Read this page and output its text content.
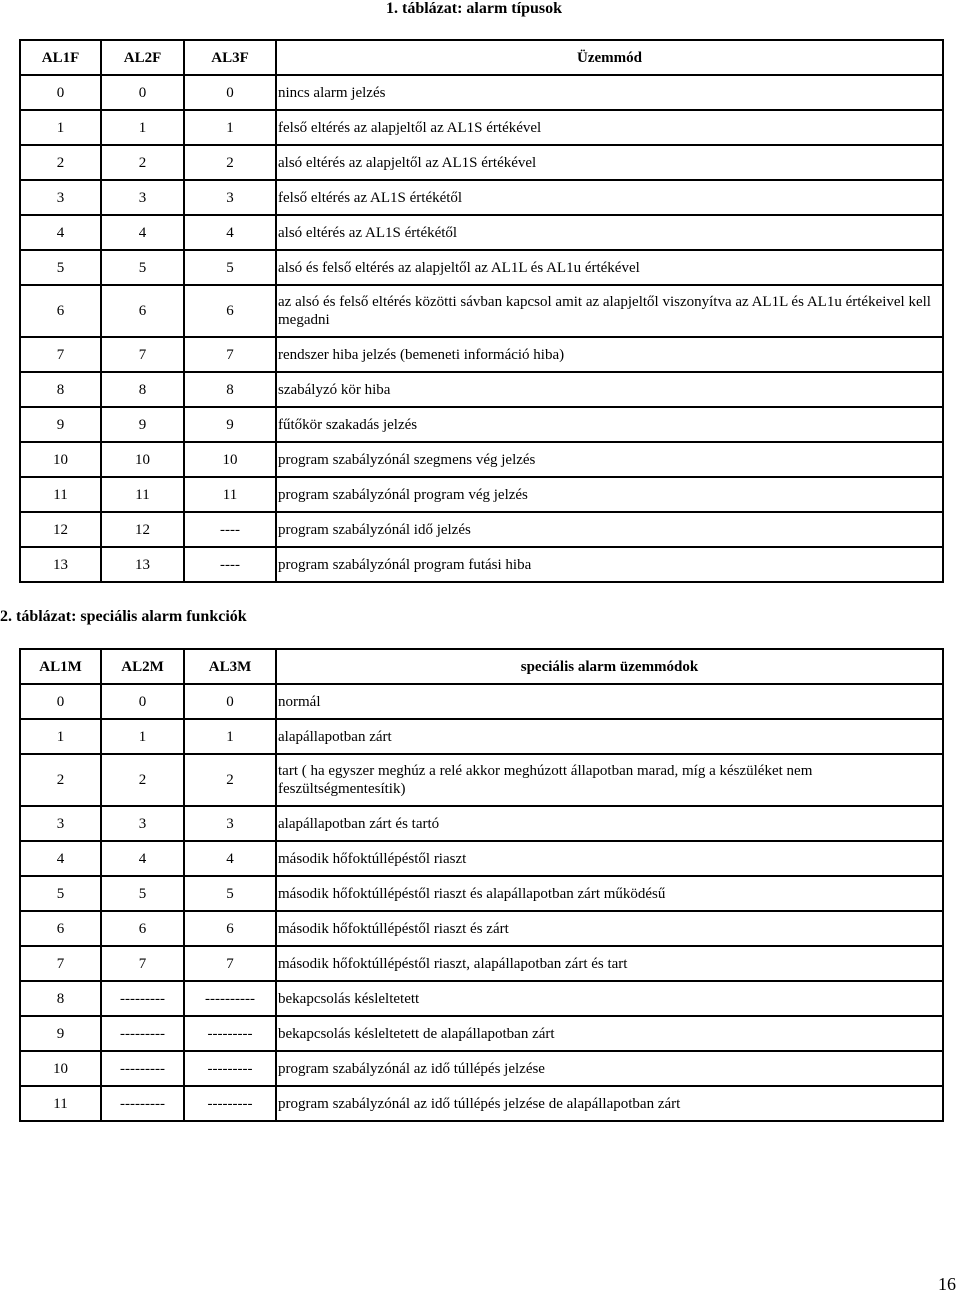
1. táblázat: alarm típusok
AL1F	AL2F	AL3F	Üzemmód
0	0	0	nincs alarm jelzés
1	1	1	felső eltérés az alapjeltől az AL1S értékével
2	2	2	alsó eltérés az alapjeltől az AL1S értékével
3	3	3	felső eltérés az AL1S értékétől
4	4	4	alsó eltérés az AL1S értékétől
5	5	5	alsó és felső eltérés az alapjeltől az AL1L és AL1u értékével
6	6	6	az alsó és felső eltérés közötti sávban kapcsol amit az alapjeltől viszonyítva az AL1L és AL1u értékeivel kell megadni
7	7	7	rendszer hiba jelzés (bemeneti információ hiba)
8	8	8	szabályzó kör hiba
9	9	9	fűtőkör szakadás jelzés
10	10	10	program szabályzónál szegmens vég jelzés
11	11	11	program szabályzónál program vég jelzés
12	12	----	program szabályzónál idő jelzés
13	13	----	program szabályzónál program futási hiba
2. táblázat: speciális alarm funkciók
AL1M	AL2M	AL3M	speciális alarm üzemmódok
0	0	0	normál
1	1	1	alapállapotban zárt
2	2	2	tart ( ha egyszer meghúz a relé akkor meghúzott állapotban marad, míg a készüléket nem feszültségmentesítik)
3	3	3	alapállapotban zárt és tartó
4	4	4	második hőfoktúllépéstől riaszt
5	5	5	második hőfoktúllépéstől riaszt és alapállapotban zárt működésű
6	6	6	második hőfoktúllépéstől riaszt és zárt
7	7	7	második hőfoktúllépéstől riaszt, alapállapotban zárt és tart
8	---------	----------	bekapcsolás késleltetett
9	---------	---------	bekapcsolás késleltetett de alapállapotban zárt
10	---------	---------	program szabályzónál az idő túllépés jelzése
11	---------	---------	program szabályzónál az idő túllépés jelzése de alapállapotban zárt
16
